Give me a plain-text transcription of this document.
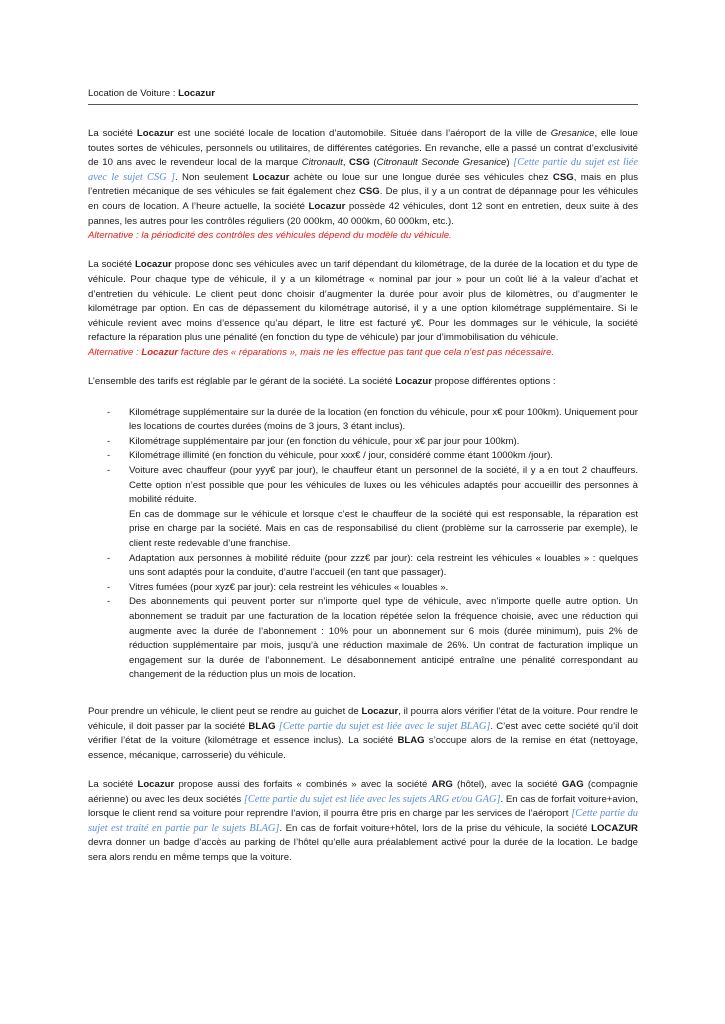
Location de Voiture : Locazur

La société Locazur est une société locale de location d’automobile. Située dans l’aéroport de la ville de Gresanice, elle loue toutes sortes de véhicules, personnels ou utilitaires, de différentes catégories. En revanche, elle a passé un contrat d’exclusivité de 10 ans avec le revendeur local de la marque Citronault, CSG (Citronault Seconde Gresanice) [Cette partie du sujet est liée avec le sujet CSG ]. Non seulement Locazur achète ou loue sur une longue durée ses véhicules chez CSG, mais en plus l’entretien mécanique de ses véhicules se fait également chez CSG. De plus, il y a un contrat de dépannage pour les véhicules en cours de location. A l’heure actuelle, la société Locazur possède 42 véhicules, dont 12 sont en entretien, deux suite à des pannes, les autres pour les contrôles réguliers (20 000km, 40 000km, 60 000km, etc.).
Alternative : la périodicité des contrôles des véhicules dépend du modèle du véhicule.

La société Locazur propose donc ses véhicules avec un tarif dépendant du kilométrage, de la durée de la location et du type de véhicule. Pour chaque type de véhicule, il y a un kilométrage « nominal par jour » pour un coût lié à la valeur d’achat et d’entretien du véhicule. Le client peut donc choisir d’augmenter la durée pour avoir plus de kilomètres, ou d’augmenter le kilométrage par option. En cas de dépassement du kilométrage autorisé, il y a une option kilométrage supplémentaire. Si le véhicule revient avec moins d’essence qu’au départ, le litre est facturé y€. Pour les dommages sur le véhicule, la société refacture la réparation plus une pénalité (en fonction du type de véhicule) par jour d’immobilisation du véhicule.
Alternative : Locazur facture des « réparations », mais ne les effectue pas tant que cela n’est pas nécessaire.

L’ensemble des tarifs est réglable par le gérant de la société. La société Locazur propose différentes options :

- Kilométrage supplémentaire sur la durée de la location (en fonction du véhicule, pour x€ pour 100km). Uniquement pour les locations de courtes durées (moins de 3 jours, 3 étant inclus).
- Kilométrage supplémentaire par jour (en fonction du véhicule, pour x€ par jour pour 100km).
- Kilométrage illimité (en fonction du véhicule, pour xxx€ / jour, considéré comme étant 1000km /jour).
- Voiture avec chauffeur (pour yyy€ par jour), le chauffeur étant un personnel de la société, il y a en tout 2 chauffeurs. Cette option n’est possible que pour les véhicules de luxes ou les véhicules adaptés pour accueillir des personnes à mobilité réduite.

En cas de dommage sur le véhicule et lorsque c’est le chauffeur de la société qui est responsable, la réparation est prise en charge par la société. Mais en cas de responsabilisé du client (problème sur la carrosserie par exemple), le client reste redevable d’une franchise.

- Adaptation aux personnes à mobilité réduite (pour zzz€ par jour): cela restreint les véhicules « louables » : quelques uns sont adaptés pour la conduite, d’autre l’accueil (en tant que passager).
- Vitres fumées (pour xyz€ par jour): cela restreint les véhicules « louables ».
- Des abonnements qui peuvent porter sur n’importe quel type de véhicule, avec n’importe quelle autre option. Un abonnement se traduit par une facturation de la location répétée selon la fréquence choisie, avec une réduction qui augmente avec la durée de l’abonnement : 10% pour un abonnement sur 6 mois (durée minimum), puis 2% de réduction supplémentaire par mois, jusqu’à une réduction maximale de 26%. Un contrat de facturation implique un engagement sur la durée de l’abonnement. Le désabonnement anticipé entraîne une pénalité correspondant au changement de la réduction plus un mois de location.

Pour prendre un véhicule, le client peut se rendre au guichet de Locazur, il pourra alors vérifier l’état de la voiture. Pour rendre le véhicule, il doit passer par la société BLAG [Cette partie du sujet est liée avec le sujet BLAG]. C’est avec cette société qu’il doit vérifier l’état de la voiture (kilométrage et essence inclus). La société BLAG s’occupe alors de la remise en état (nettoyage, essence, mécanique, carrosserie) du véhicule.

La société Locazur propose aussi des forfaits « combinés » avec la société ARG (hôtel), avec la société GAG (compagnie aérienne) ou avec les deux sociétés [Cette partie du sujet est liée avec les sujets ARG et/ou GAG]. En cas de forfait voiture+avion, lorsque le client rend sa voiture pour reprendre l’avion, il pourra être pris en charge par les services de l’aéroport [Cette partie du sujet est traité en partie par le sujets BLAG]. En cas de forfait voiture+hôtel, lors de la prise du véhicule, la société LOCAZUR devra donner un badge d’accès au parking de l’hôtel qu’elle aura préalablement activé pour la durée de la location. Le badge sera alors rendu en même temps que la voiture.
